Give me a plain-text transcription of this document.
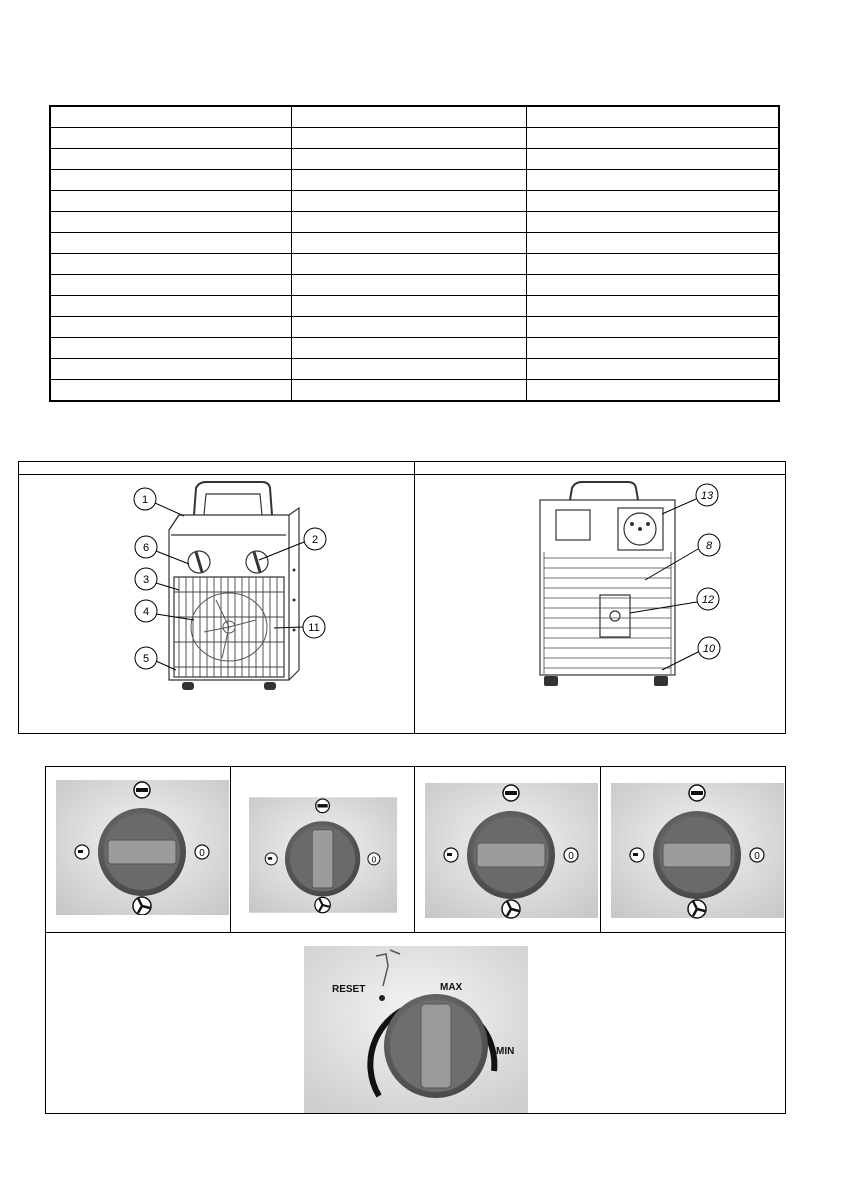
1
2
6
3
4
11
5
13
8
12
10
0
0	0	0
RESET	MAX
MIN
